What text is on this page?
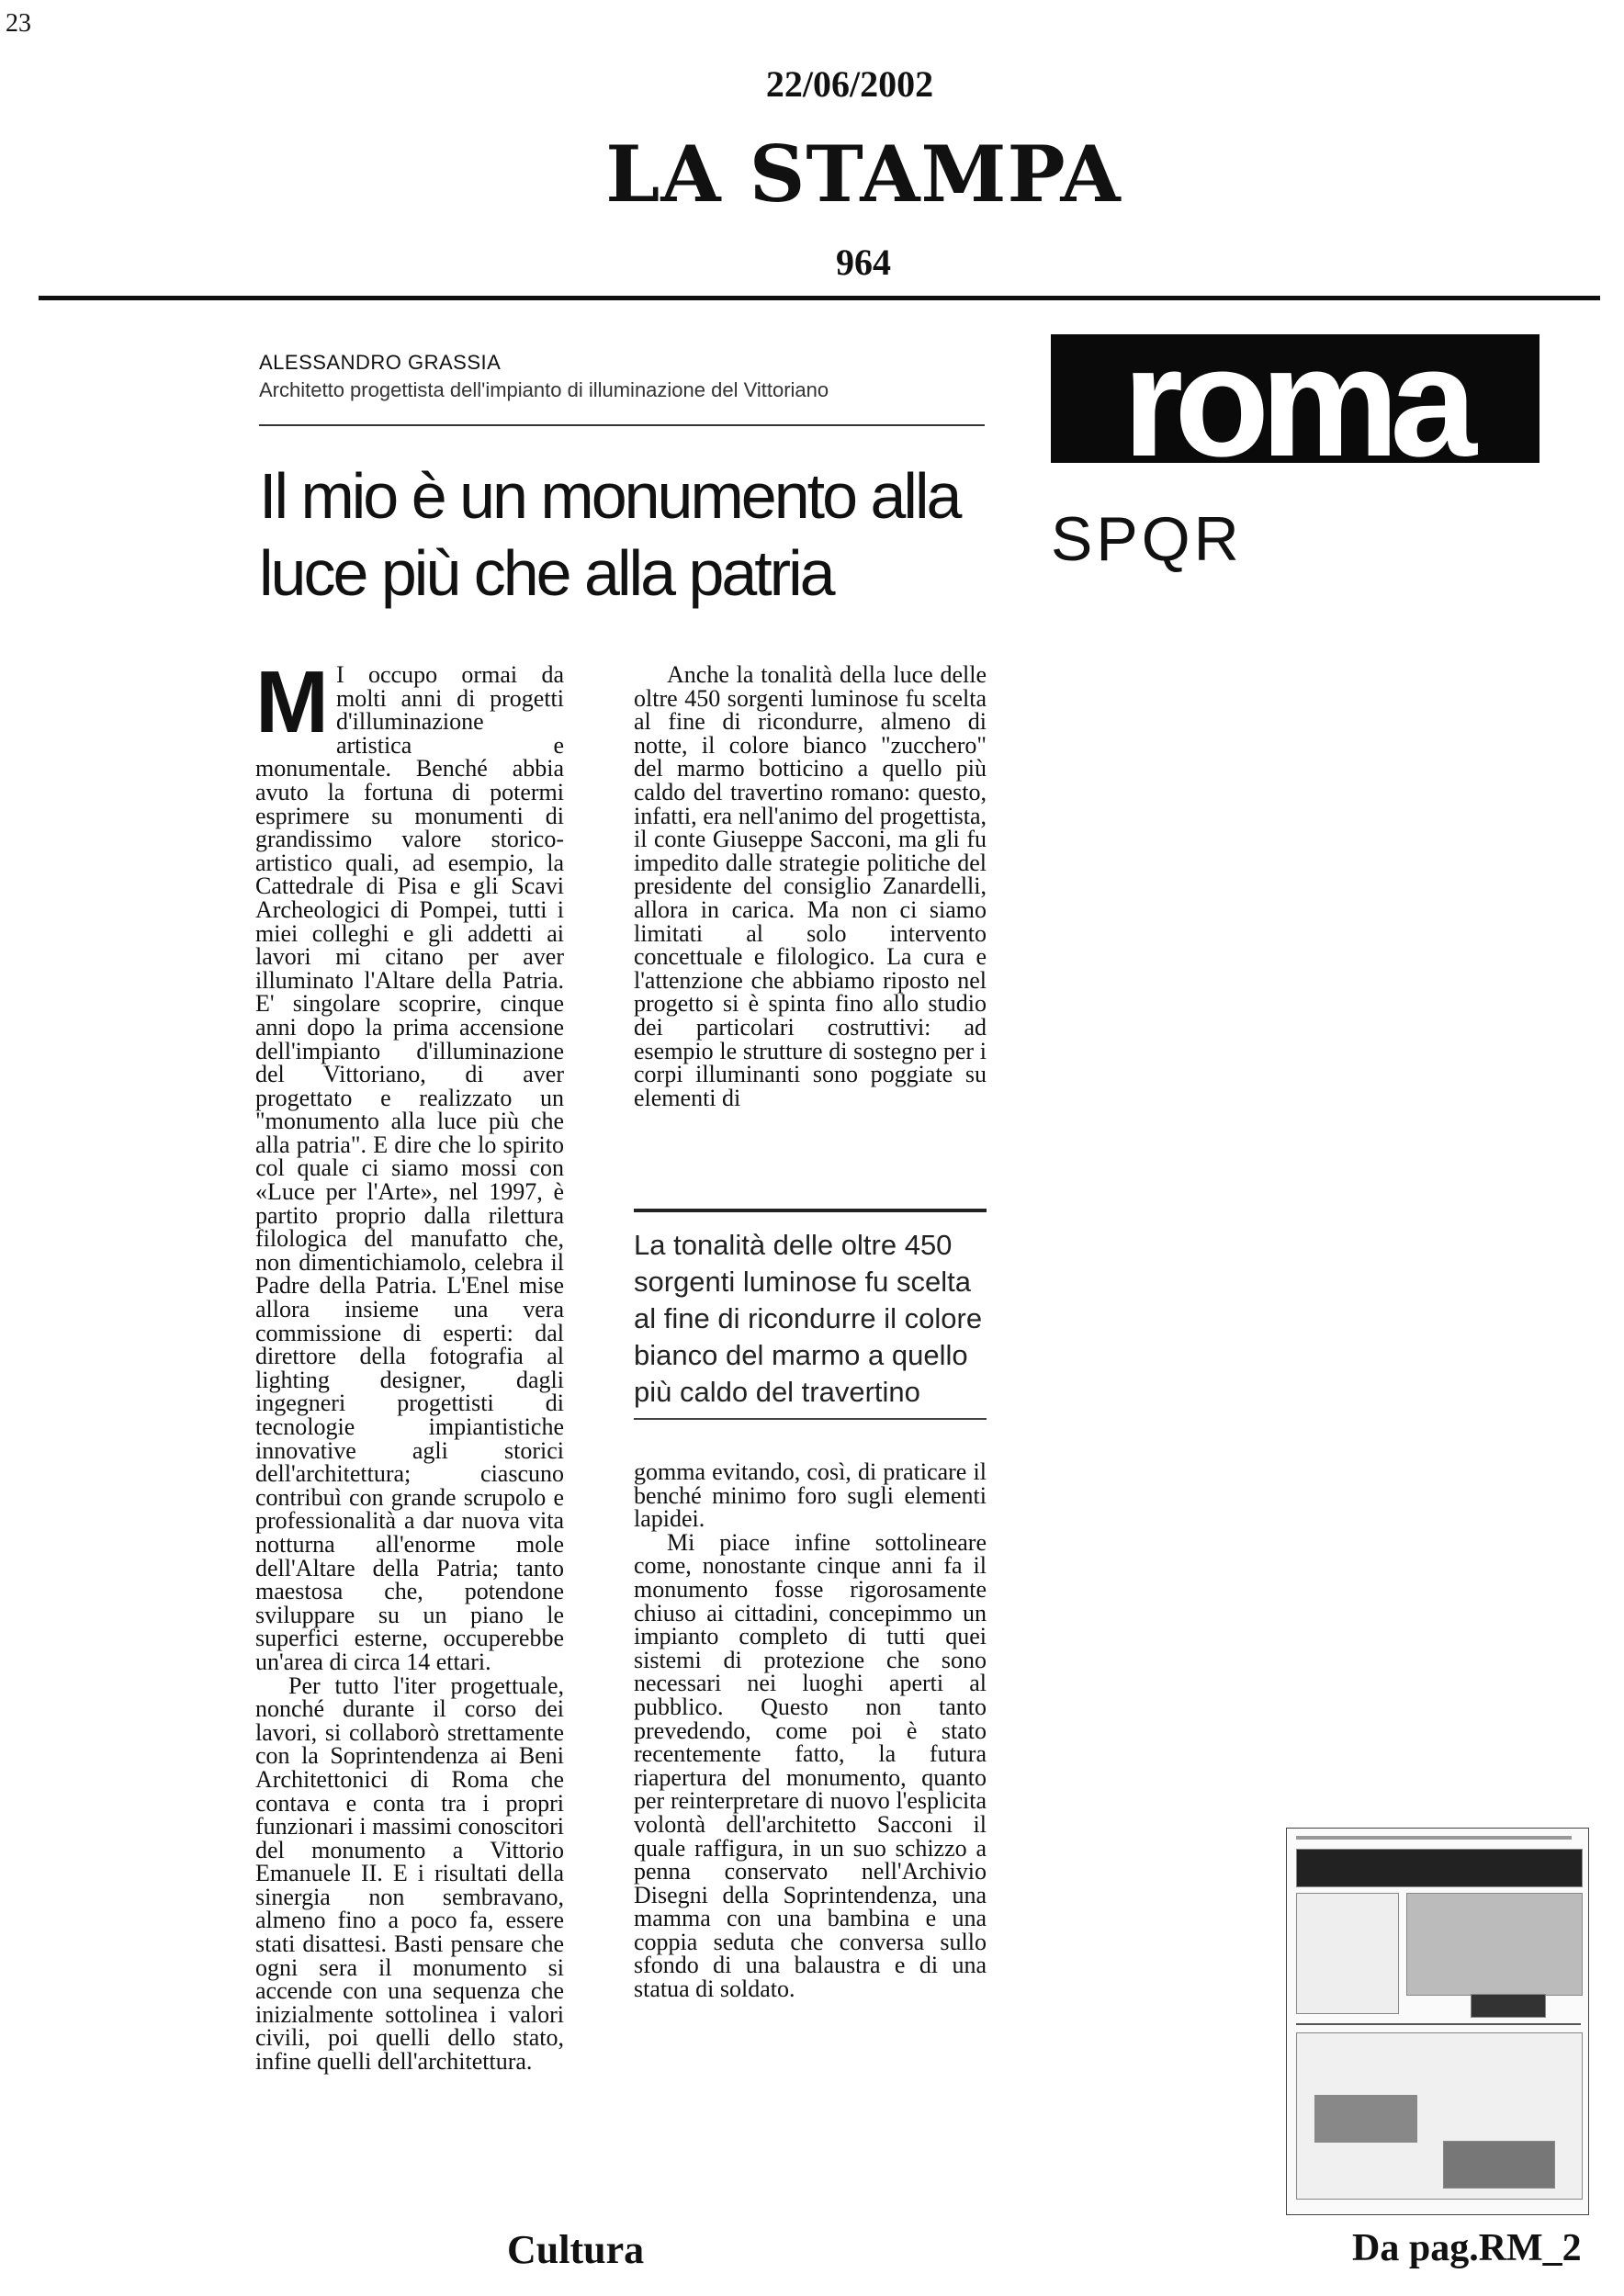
23
22/06/2002
LA STAMPA
964
ALESSANDRO GRASSIA
Architetto progettista dell'impianto di illuminazione del Vittoriano
Il mio è un monumento alla luce più che alla patria
roma
SPQR

M I occupo ormai da molti anni di progetti d'illuminazione artistica e monumentale. Benché abbia avuto la fortuna di potermi esprimere su monumenti di grandissimo valore storico-artistico quali, ad esempio, la Cattedrale di Pisa e gli Scavi Archeologici di Pompei, tutti i miei colleghi e gli addetti ai lavori mi citano per aver illuminato l'Altare della Patria. E' singolare scoprire, cinque anni dopo la prima accensione dell'impianto d'illuminazione del Vittoriano, di aver progettato e realizzato un "monumento alla luce più che alla patria". E dire che lo spirito col quale ci siamo mossi con «Luce per l'Arte», nel 1997, è partito proprio dalla rilettura filologica del manufatto che, non dimentichiamolo, celebra il Padre della Patria. L'Enel mise allora insieme una vera commissione di esperti: dal direttore della fotografia al lighting designer, dagli ingegneri progettisti di tecnologie impiantistiche innovative agli storici dell'architettura; ciascuno contribuì con grande scrupolo e professionalità a dar nuova vita notturna all'enorme mole dell'Altare della Patria; tanto maestosa che, potendone sviluppare su un piano le superfici esterne, occuperebbe un'area di circa 14 ettari.

Per tutto l'iter progettuale, nonché durante il corso dei lavori, si collaborò strettamente con la Soprintendenza ai Beni Architettonici di Roma che contava e conta tra i propri funzionari i massimi conoscitori del monumento a Vittorio Emanuele II. E i risultati della sinergia non sembravano, almeno fino a poco fa, essere stati disattesi. Basti pensare che ogni sera il monumento si accende con una sequenza che inizialmente sottolinea i valori civili, poi quelli dello stato, infine quelli dell'architettura.

Anche la tonalità della luce delle oltre 450 sorgenti luminose fu scelta al fine di ricondurre, almeno di notte, il colore bianco "zucchero" del marmo botticino a quello più caldo del travertino romano: questo, infatti, era nell'animo del progettista, il conte Giuseppe Sacconi, ma gli fu impedito dalle strategie politiche del presidente del consiglio Zanardelli, allora in carica. Ma non ci siamo limitati al solo intervento concettuale e filologico. La cura e l'attenzione che abbiamo riposto nel progetto si è spinta fino allo studio dei particolari costruttivi: ad esempio le strutture di sostegno per i corpi illuminanti sono poggiate su elementi di

La tonalità delle oltre 450 sorgenti luminose fu scelta al fine di ricondurre il colore bianco del marmo a quello più caldo del travertino

gomma evitando, così, di praticare il benché minimo foro sugli elementi lapidei.

Mi piace infine sottolineare come, nonostante cinque anni fa il monumento fosse rigorosamente chiuso ai cittadini, concepimmo un impianto completo di tutti quei sistemi di protezione che sono necessari nei luoghi aperti al pubblico. Questo non tanto prevedendo, come poi è stato recentemente fatto, la futura riapertura del monumento, quanto per reinterpretare di nuovo l'esplicita volontà dell'architetto Sacconi il quale raffigura, in un suo schizzo a penna conservato nell'Archivio Disegni della Soprintendenza, una mamma con una bambina e una coppia seduta che conversa sullo sfondo di una balaustra e di una statua di soldato.

Cultura	Da pag.RM_2
